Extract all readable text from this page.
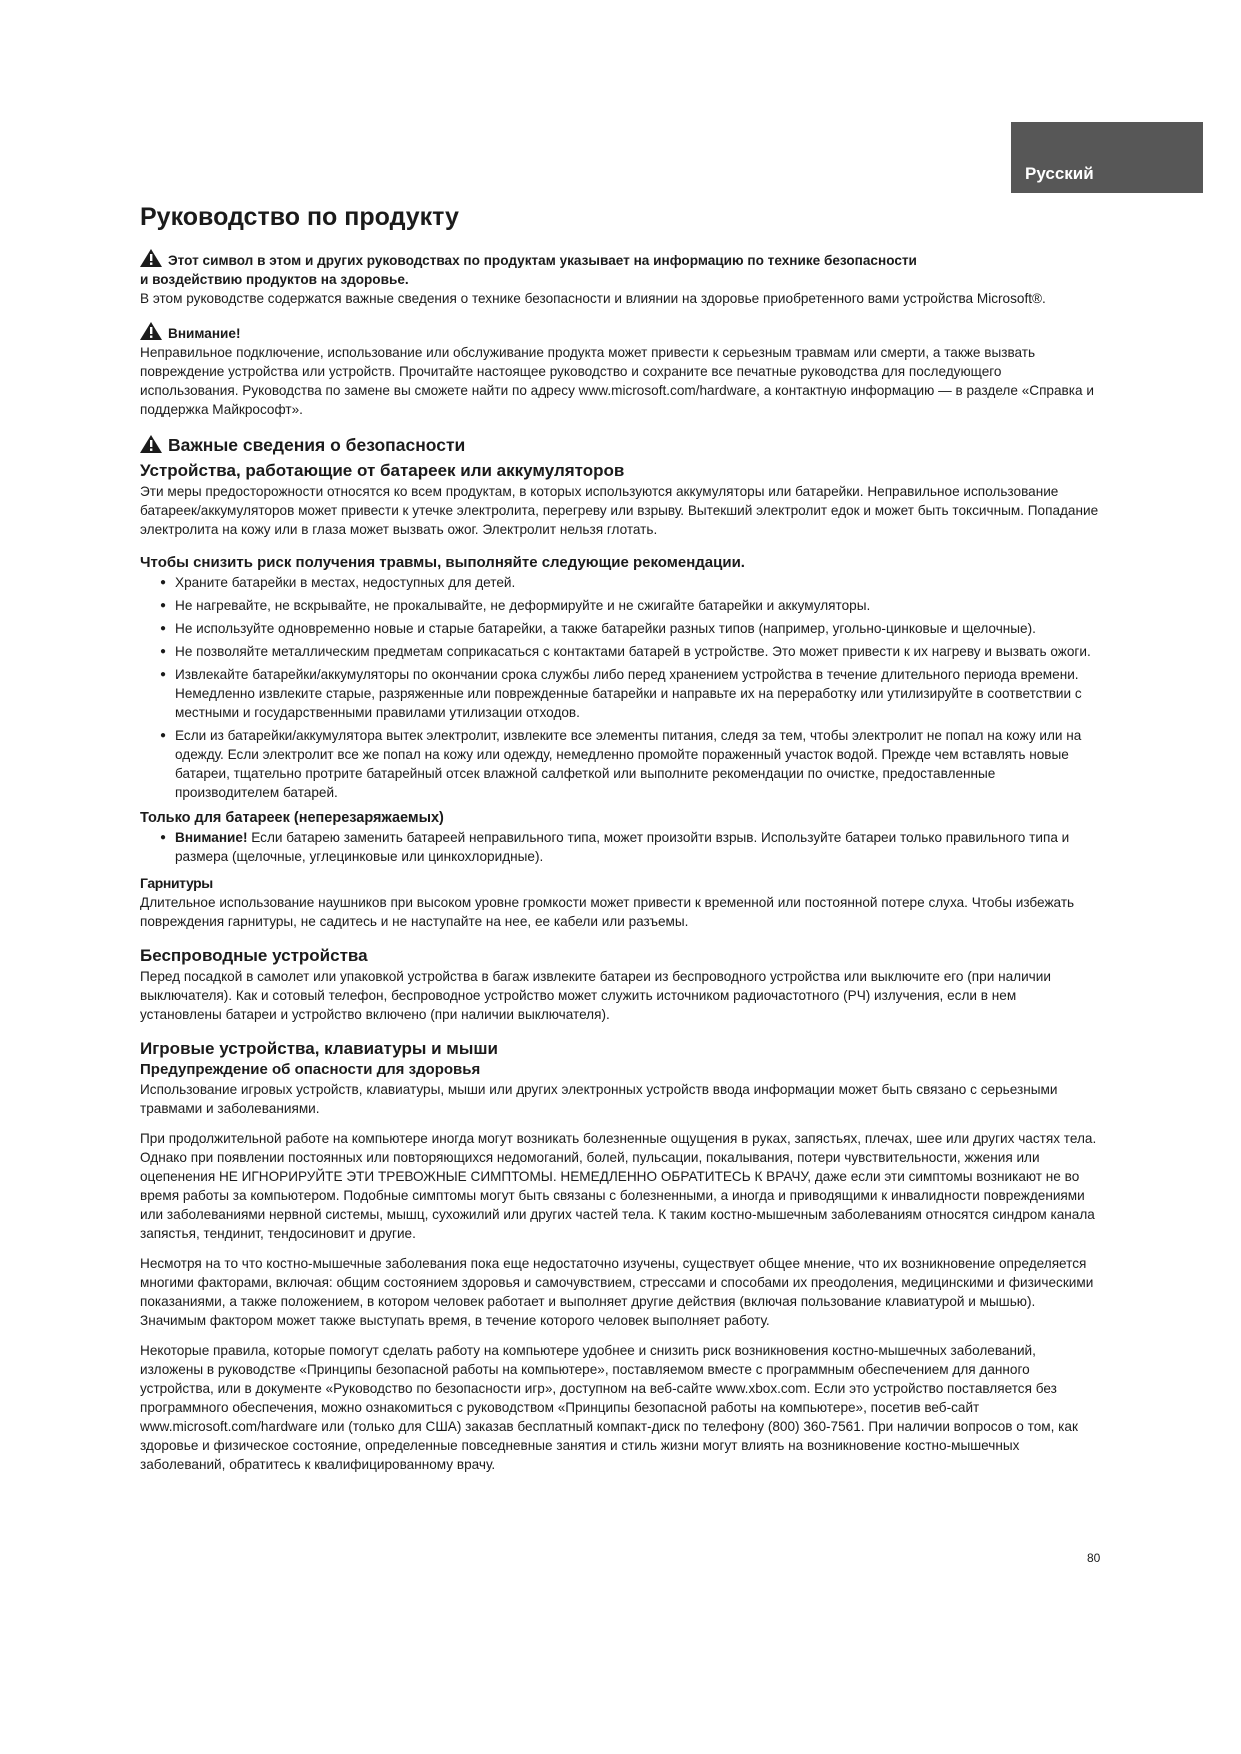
Русский
Руководство по продукту

Этот символ в этом и других руководствах по продуктам указывает на информацию по технике безопасности
и воздействию продуктов на здоровье.

В этом руководстве содержатся важные сведения о технике безопасности и влиянии на здоровье приобретенного вами устройства Microsoft®.

Внимание!

Неправильное подключение, использование или обслуживание продукта может привести к серьезным травмам или смерти, а также вызвать повреждение устройства или устройств. Прочитайте настоящее руководство и сохраните все печатные руководства для последующего использования. Руководства по замене вы сможете найти по адресу www.microsoft.com/hardware, а контактную информацию — в разделе «Справка и поддержка Майкрософт».

Важные сведения о безопасности
Устройства, работающие от батареек или аккумуляторов

Эти меры предосторожности относятся ко всем продуктам, в которых используются аккумуляторы или батарейки. Неправильное использование батареек/аккумуляторов может привести к утечке электролита, перегреву или взрыву. Вытекший электролит едок и может быть токсичным. Попадание электролита на кожу или в глаза может вызвать ожог. Электролит нельзя глотать.

Чтобы снизить риск получения травмы, выполняйте следующие рекомендации.
● Храните батарейки в местах, недоступных для детей.
● Не нагревайте, не вскрывайте, не прокалывайте, не деформируйте и не сжигайте батарейки и аккумуляторы.
● Не используйте одновременно новые и старые батарейки, а также батарейки разных типов (например, угольно-цинковые и щелочные).
● Не позволяйте металлическим предметам соприкасаться с контактами батарей в устройстве. Это может привести к их нагреву и вызвать ожоги.
● Извлекайте батарейки/аккумуляторы по окончании срока службы либо перед хранением устройства в течение длительного периода времени. Немедленно извлеките старые, разряженные или поврежденные батарейки и направьте их на переработку или утилизируйте в соответствии с местными и государственными правилами утилизации отходов.
● Если из батарейки/аккумулятора вытек электролит, извлеките все элементы питания, следя за тем, чтобы электролит не попал на кожу или на одежду. Если электролит все же попал на кожу или одежду, немедленно промойте пораженный участок водой. Прежде чем вставлять новые батареи, тщательно протрите батарейный отсек влажной салфеткой или выполните рекомендации по очистке, предоставленные производителем батарей.
Только для батареек (неперезаряжаемых)
● Внимание! Если батарею заменить батареей неправильного типа, может произойти взрыв. Используйте батареи только правильного типа и размера (щелочные, углецинковые или цинкохлоридные).
Гарнитуры

Длительное использование наушников при высоком уровне громкости может привести к временной или постоянной потере слуха. Чтобы избежать повреждения гарнитуры, не садитесь и не наступайте на нее, ее кабели или разъемы.

Беспроводные устройства

Перед посадкой в самолет или упаковкой устройства в багаж извлеките батареи из беспроводного устройства или выключите его (при наличии выключателя). Как и сотовый телефон, беспроводное устройство может служить источником радиочастотного (РЧ) излучения, если в нем установлены батареи и устройство включено (при наличии выключателя).

Игровые устройства, клавиатуры и мыши
Предупреждение об опасности для здоровья

Использование игровых устройств, клавиатуры, мыши или других электронных устройств ввода информации может быть связано с серьезными травмами и заболеваниями.

При продолжительной работе на компьютере иногда могут возникать болезненные ощущения в руках, запястьях, плечах, шее или других частях тела. Однако при появлении постоянных или повторяющихся недомоганий, болей, пульсации, покалывания, потери чувствительности, жжения или оцепенения НЕ ИГНОРИРУЙТЕ ЭТИ ТРЕВОЖНЫЕ СИМПТОМЫ. НЕМЕДЛЕННО ОБРАТИТЕСЬ К ВРАЧУ, даже если эти симптомы возникают не во время работы за компьютером. Подобные симптомы могут быть связаны с болезненными, а иногда и приводящими к инвалидности повреждениями или заболеваниями нервной системы, мышц, сухожилий или других частей тела. К таким костно-мышечным заболеваниям относятся синдром канала запястья, тендинит, тендосиновит и другие.

Несмотря на то что костно-мышечные заболевания пока еще недостаточно изучены, существует общее мнение, что их возникновение определяется многими факторами, включая: общим состоянием здоровья и самочувствием, стрессами и способами их преодоления, медицинскими и физическими показаниями, а также положением, в котором человек работает и выполняет другие действия (включая пользование клавиатурой и мышью). Значимым фактором может также выступать время, в течение которого человек выполняет работу.

Некоторые правила, которые помогут сделать работу на компьютере удобнее и снизить риск возникновения костно-мышечных заболеваний, изложены в руководстве «Принципы безопасной работы на компьютере», поставляемом вместе с программным обеспечением для данного устройства, или в документе «Руководство по безопасности игр», доступном на веб-сайте www.xbox.com. Если это устройство поставляется без программного обеспечения, можно ознакомиться с руководством «Принципы безопасной работы на компьютере», посетив веб-сайт www.microsoft.com/hardware или (только для США) заказав бесплатный компакт-диск по телефону (800) 360-7561. При наличии вопросов о том, как здоровье и физическое состояние, определенные повседневные занятия и стиль жизни могут влиять на возникновение костно-мышечных заболеваний, обратитесь к квалифицированному врачу.

80
